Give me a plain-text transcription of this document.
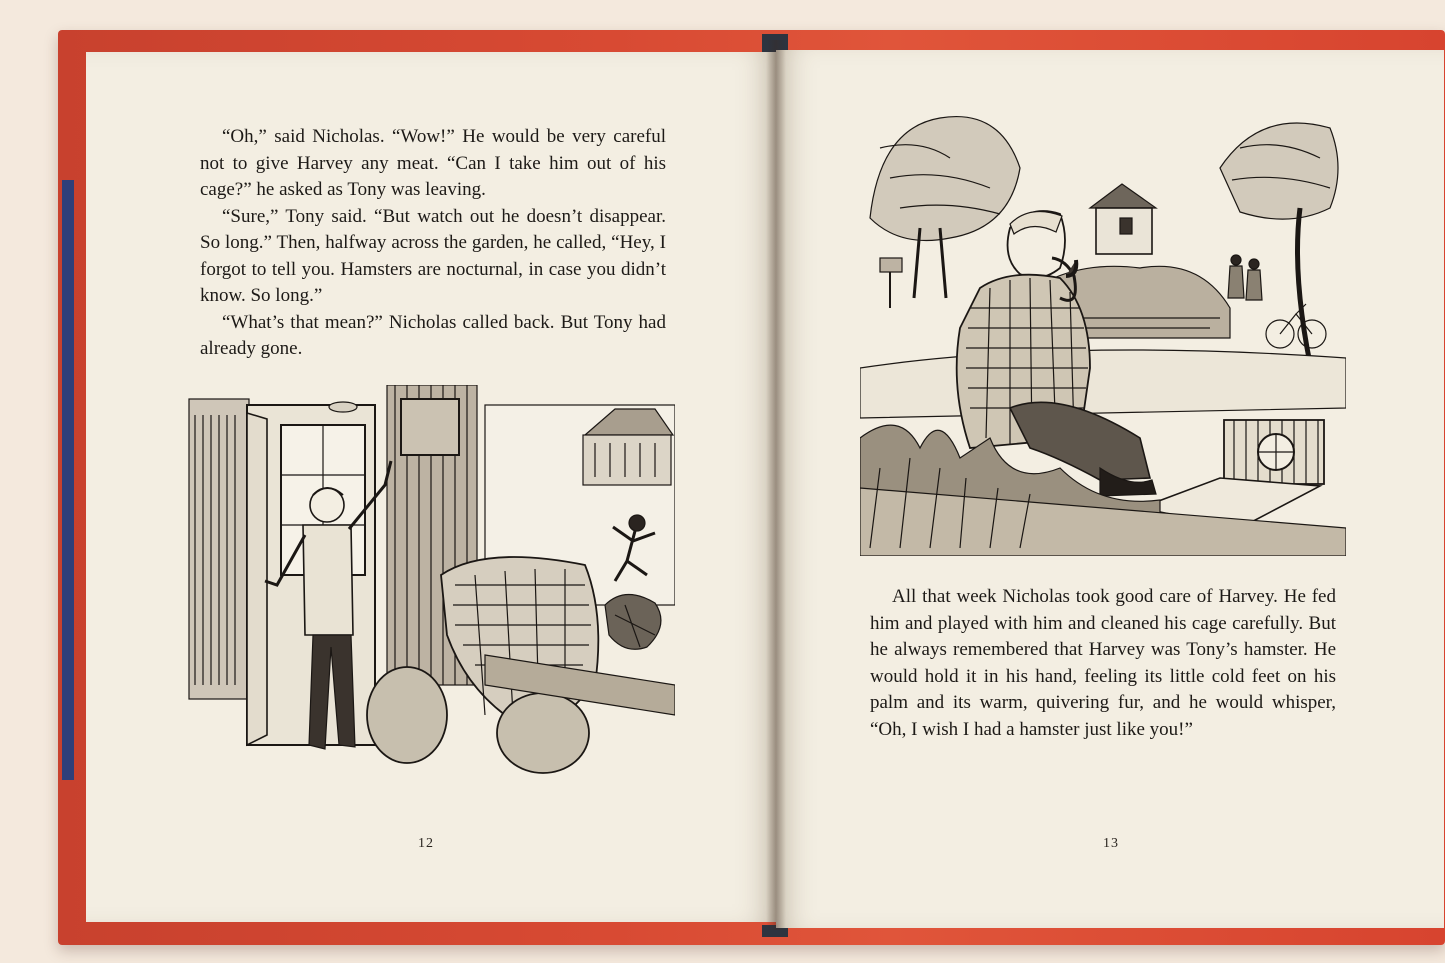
“Oh,” said Nicholas. “Wow!” He would be very careful not to give Harvey any meat. “Can I take him out of his cage?” he asked as Tony was leaving.

“Sure,” Tony said. “But watch out he doesn’t disappear. So long.” Then, halfway across the garden, he called, “Hey, I forgot to tell you. Hamsters are nocturnal, in case you didn’t know. So long.”

“What’s that mean?” Nicholas called back. But Tony had already gone.

12

All that week Nicholas took good care of Harvey. He fed him and played with him and cleaned his cage carefully. But he always remembered that Harvey was Tony’s hamster. He would hold it in his hand, feeling its little cold feet on his palm and its warm, quivering fur, and he would whisper, “Oh, I wish I had a hamster just like you!”

13
